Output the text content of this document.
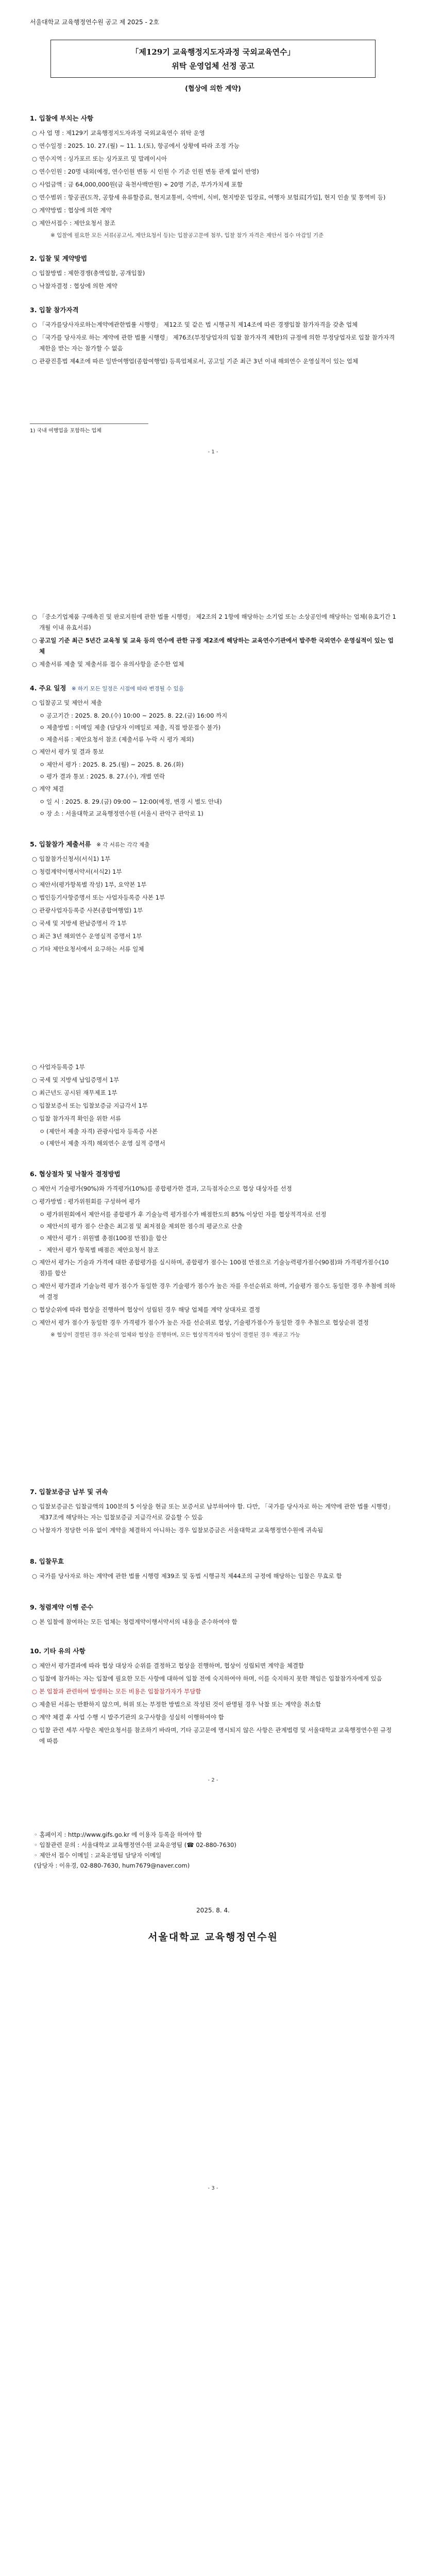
서울대학교 교육행정연수원 공고 제 2025 - 2호
「제129기 교육행정지도자과정 국외교육연수」
위탁 운영업체 선정 공고
(협상에 의한 계약)
1. 입찰에 부치는 사항
○ 사 업 명 : 제129기 교육행정지도자과정 국외교육연수 위탁 운영
○ 연수일정 : 2025. 10. 27.(월) ~ 11. 1.(토), 항공에서 상황에 따라 조정 가능
○ 연수지역 : 싱가포르 또는 싱가포르 및 말레이시아
○ 연수인원 : 20명 내외(예정, 연수인원 변동 시 인원 수 기준 인원 변동 관계 없이 반영)
○ 사업금액 : 금 64,000,000원(금 육천사백만원) ÷ 20명 기준, 부가가치세 포함
○ 연수범위 : 항공권(도착, 공항세 유류할증료, 현지교통비, 숙박비, 식비, 현지방문 입장료, 여행자 보험료[가입], 현지 인솔 및 통역비 등)
○ 계약방법 : 협상에 의한 계약
○ 제안서접수 : 제안요청서 참조
※ 입찰에 필요한 모든 서류(공고서, 제안요청서 등)는 입찰공고문에 첨부, 입찰 참가 자격은 제안서 접수 마감일 기준
2. 입찰 및 계약방법
○ 입찰방법 : 제한경쟁(총액입찰, 공개입찰)
○ 낙찰자결정 : 협상에 의한 계약
3. 입찰 참가자격
○ 「국가를당사자로하는계약에관한법률 시행령」 제12조 및 같은 법 시행규칙 제14조에 따른 경쟁입찰 참가자격을 갖춘 업체
○ 「국가를 당사자로 하는 계약에 관한 법률 시행령」 제76조(부정당업자의 입찰 참가자격 제한)의 규정에 의한 부정당업자로 입찰 참가자격 제한을 받는 자는 참가할 수 없음
○ 관광진흥법 제4조에 따른 일반여행업(종합여행업) 등록업체로서, 공고일 기준 최근 3년 이내 해외연수 운영실적이 있는 업체
1) 국내 여행업을 포함하는 업체
- 1 -
○ 「중소기업제품 구매촉진 및 판로지원에 관한 법률 시행령」 제2조의 2 1항에 해당하는 소기업 또는 소상공인에 해당하는 업체(유효기간 1개월 이내 유효서류)
○ 공고일 기준 최근 5년간 교육청 및 교육 등의 연수에 관한 규정 제2조에 해당하는 교육연수기관에서 발주한 국외연수 운영실적이 있는 업체
○ 제출서류 제출 및 제출서류 접수 유의사항을 준수한 업체
4. 주요 일정 ※ 하기 모든 일정은 시점에 따라 변경될 수 있음
○ 입찰공고 및 제안서 제출
ㅇ 공고기간 : 2025. 8. 20.(수) 10:00 ~ 2025. 8. 22.(금) 16:00 까지
ㅇ 제출방법 : 이메일 제출 (담당자 이메일로 제출, 직접 방문접수 불가)
ㅇ 제출서류 : 제안요청서 참조 (제출서류 누락 시 평가 제외)
○ 제안서 평가 및 결과 통보
ㅇ 제안서 평가 : 2025. 8. 25.(월) ~ 2025. 8. 26.(화)
ㅇ 평가 결과 통보 : 2025. 8. 27.(수), 개별 연락
○ 계약 체결
ㅇ 일 시 : 2025. 8. 29.(금) 09:00 ~ 12:00(예정, 변경 시 별도 안내)
ㅇ 장 소 : 서울대학교 교육행정연수원 (서울시 관악구 관악로 1)
5. 입찰참가 제출서류 ※ 각 서류는 각각 제출
○ 입찰참가신청서(서식1) 1부
○ 청렴계약이행서약서(서식2) 1부
○ 제안서(평가항목별 작성) 1부, 요약본 1부
○ 법인등기사항증명서 또는 사업자등록증 사본 1부
○ 관광사업자등록증 사본(종합여행업) 1부
○ 국세 및 지방세 완납증명서 각 1부
○ 최근 3년 해외연수 운영실적 증명서 1부
○ 기타 제안요청서에서 요구하는 서류 일체
○ 사업자등록증 1부
○ 국세 및 지방세 납입증명서 1부
○ 최근년도 공시된 재무제표 1부
○ 입찰보증서 또는 입찰보증금 지급각서 1부
○ 입찰 참가자격 확인을 위한 서류
ㅇ (제안서 제출 자격) 관광사업자 등록증 사본
ㅇ (제안서 제출 자격) 해외연수 운영 실적 증명서
6. 협상절차 및 낙찰자 결정방법
○ 제안서 기술평가(90%)와 가격평가(10%)를 종합평가한 결과, 고득점자순으로 협상 대상자를 선정
○ 평가방법 : 평가위원회를 구성하여 평가
ㅇ 평가위원회에서 제안서를 종합평가 후 기술능력 평가점수가 배점한도의 85% 이상인 자를 협상적격자로 선정
ㅇ 제안서의 평가 점수 산출은 최고점 및 최저점을 제외한 점수의 평균으로 산출
ㅇ 제안서 평가 : 위원별 총점(100점 만점)을 합산
- 제안서 평가 항목별 배점은 제안요청서 참조
○ 제안서 평가는 기술과 가격에 대한 종합평가를 실시하며, 종합평가 점수는 100점 만점으로 기술능력평가점수(90점)와 가격평가점수(10점)를 합산
○ 제안서 평가결과 기술능력 평가 점수가 동일한 경우 기술평가 점수가 높은 자를 우선순위로 하며, 기술평가 점수도 동일한 경우 추첨에 의하여 결정
○ 협상순위에 따라 협상을 진행하여 협상이 성립된 경우 해당 업체를 계약 상대자로 결정
○ 제안서 평가 점수가 동일한 경우 가격평가 점수가 높은 자를 선순위로 협상, 기술평가점수가 동일한 경우 추첨으로 협상순위 결정
※ 협상이 결렬된 경우 차순위 업체와 협상을 진행하며, 모든 협상적격자와 협상이 결렬된 경우 재공고 가능
7. 입찰보증금 납부 및 귀속
○ 입찰보증금은 입찰금액의 100분의 5 이상을 현금 또는 보증서로 납부하여야 함. 다만, 「국가를 당사자로 하는 계약에 관한 법률 시행령」 제37조에 해당하는 자는 입찰보증금 지급각서로 갈음할 수 있음
○ 낙찰자가 정당한 이유 없이 계약을 체결하지 아니하는 경우 입찰보증금은 서울대학교 교육행정연수원에 귀속됨
8. 입찰무효
○ 국가를 당사자로 하는 계약에 관한 법률 시행령 제39조 및 동법 시행규칙 제44조의 규정에 해당하는 입찰은 무효로 함
9. 청렴계약 이행 준수
○ 본 입찰에 참여하는 모든 업체는 청렴계약이행서약서의 내용을 준수하여야 함
10. 기타 유의 사항
○ 제안서 평가결과에 따라 협상 대상자 순위를 결정하고 협상을 진행하며, 협상이 성립되면 계약을 체결함
○ 입찰에 참가하는 자는 입찰에 필요한 모든 사항에 대하여 입찰 전에 숙지하여야 하며, 이를 숙지하지 못한 책임은 입찰참가자에게 있음
○ 본 입찰과 관련하여 발생하는 모든 비용은 입찰참가자가 부담함
○ 제출된 서류는 반환하지 않으며, 허위 또는 부정한 방법으로 작성된 것이 판명될 경우 낙찰 또는 계약을 취소함
○ 계약 체결 후 사업 수행 시 발주기관의 요구사항을 성실히 이행하여야 함
○ 입찰 관련 세부 사항은 제안요청서를 참조하기 바라며, 기타 공고문에 명시되지 않은 사항은 관계법령 및 서울대학교 교육행정연수원 규정에 따름
- 2 -
◦ 홈페이지 : http://www.gifs.go.kr 에 이용자 등록을 하여야 함
◦ 입찰관련 문의 : 서울대학교 교육행정연수원 교육운영팀 (☎ 02-880-7630)
◦ 제안서 접수 이메일 : 교육운영팀 담당자 이메일
(담당자 : 이유경, 02-880-7630, hum7679@naver.com)
2025. 8. 4.
서울대학교 교육행정연수원
- 3 -
